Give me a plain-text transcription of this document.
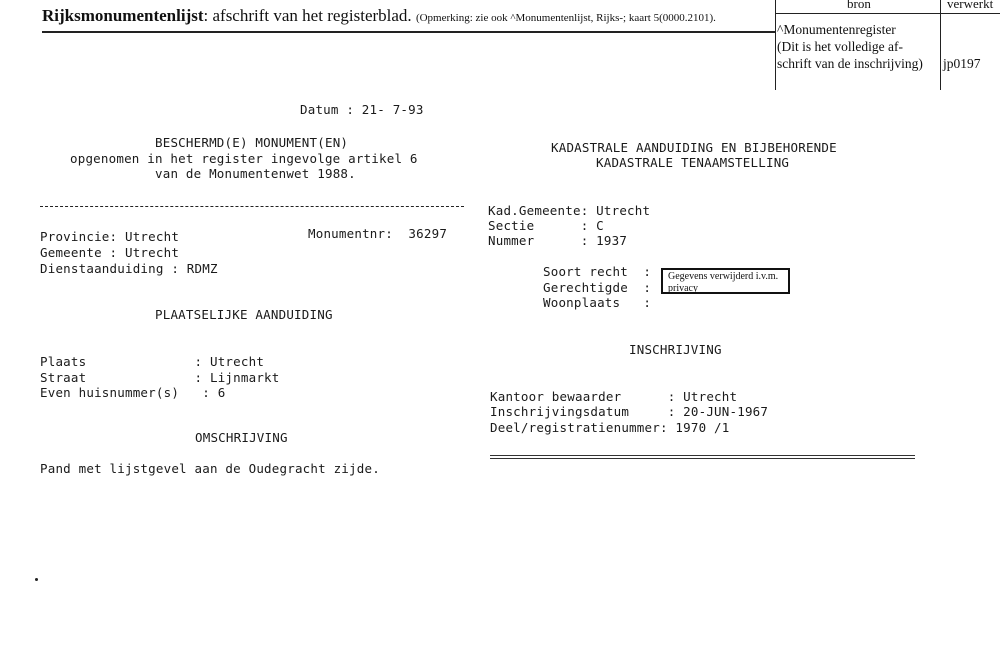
Rijksmonumentenlijst: afschrift van het registerblad. (Opmerking: zie ook ^Monumentenlijst, Rijks-; kaart 5(0000.2101).
bron	verwerkt
^Monumentenregister
(Dit is het volledige af-
schrift van de inschrijving) jp0197
Datum : 21- 7-93
BESCHERMD(E) MONUMENT(EN)
opgenomen in het register ingevolge artikel 6
van de Monumentenwet 1988.
KADASTRALE AANDUIDING EN BIJBEHORENDE
KADASTRALE TENAAMSTELLING
Provincie: Utrecht	Monumentnr:  36297
Gemeente : Utrecht
Dienstaanduiding : RDMZ
Kad.Gemeente: Utrecht
Sectie      : C
Nummer      : 1937
Soort recht  :
Gerechtigde  :
Woonplaats   :
Gegevens verwijderd i.v.m.
privacy
PLAATSELIJKE AANDUIDING
Plaats              : Utrecht
Straat              : Lijnmarkt
Even huisnummer(s)   : 6
OMSCHRIJVING
Pand met lijstgevel aan de Oudegracht zijde.
INSCHRIJVING
Kantoor bewaarder      : Utrecht
Inschrijvingsdatum     : 20-JUN-1967
Deel/registratienummer: 1970 /1
